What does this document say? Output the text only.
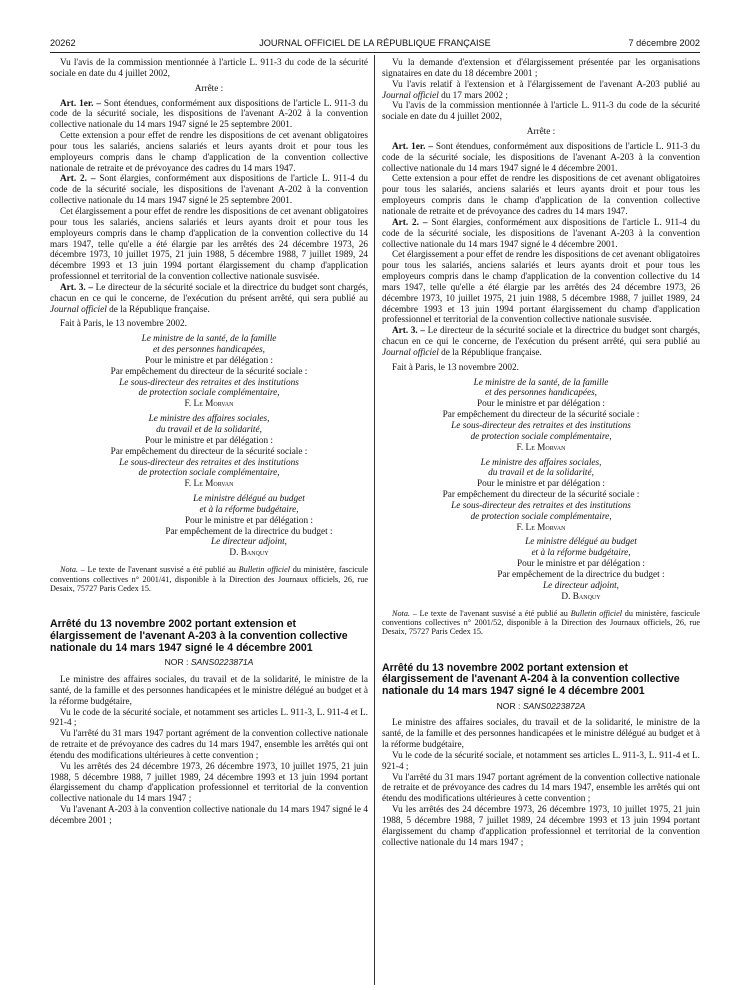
20262	JOURNAL OFFICIEL DE LA RÉPUBLIQUE FRANÇAISE	7 décembre 2002

Vu l'avis de la commission mentionnée à l'article L. 911-3 du code de la sécurité sociale en date du 4 juillet 2002,

Arrête :

Art. 1er. – Sont étendues, conformément aux dispositions de l'article L. 911-3 du code de la sécurité sociale, les dispositions de l'avenant A-202 à la convention collective nationale du 14 mars 1947 signé le 25 septembre 2001.

Cette extension a pour effet de rendre les dispositions de cet avenant obligatoires pour tous les salariés, anciens salariés et leurs ayants droit et pour tous les employeurs compris dans le champ d'application de la convention collective nationale de retraite et de prévoyance des cadres du 14 mars 1947.

Art. 2. – Sont élargies, conformément aux dispositions de l'article L. 911-4 du code de la sécurité sociale, les dispositions de l'avenant A-202 à la convention collective nationale du 14 mars 1947 signé le 25 septembre 2001.

Cet élargissement a pour effet de rendre les dispositions de cet avenant obligatoires pour tous les salariés, anciens salariés et leurs ayants droit et pour tous les employeurs compris dans le champ d'application de la convention collective du 14 mars 1947, telle qu'elle a été élargie par les arrêtés des 24 décembre 1973, 26 décembre 1973, 10 juillet 1975, 21 juin 1988, 5 décembre 1988, 7 juillet 1989, 24 décembre 1993 et 13 juin 1994 portant élargissement du champ d'application professionnel et territorial de la convention collective nationale susvisée.

Art. 3. – Le directeur de la sécurité sociale et la directrice du budget sont chargés, chacun en ce qui le concerne, de l'exécution du présent arrêté, qui sera publié au Journal officiel de la République française.

Fait à Paris, le 13 novembre 2002.

Le ministre de la santé, de la famille

et des personnes handicapées,

Pour le ministre et par délégation :

Par empêchement du directeur de la sécurité sociale :

Le sous-directeur des retraites et des institutions

de protection sociale complémentaire,

F. Le Morvan

Le ministre des affaires sociales,

du travail et de la solidarité,

Pour le ministre et par délégation :

Par empêchement du directeur de la sécurité sociale :

Le sous-directeur des retraites et des institutions

de protection sociale complémentaire,

F. Le Morvan

Le ministre délégué au budget

et à la réforme budgétaire,

Pour le ministre et par délégation :

Par empêchement de la directrice du budget :

Le directeur adjoint,

D. Banquy

Nota. – Le texte de l'avenant susvisé a été publié au Bulletin officiel du ministère, fascicule conventions collectives n° 2001/41, disponible à la Direction des Journaux officiels, 26, rue Desaix, 75727 Paris Cedex 15.

Arrêté du 13 novembre 2002 portant extension et élargissement de l'avenant A-203 à la convention collective nationale du 14 mars 1947 signé le 4 décembre 2001

NOR : SANS0223871A

Le ministre des affaires sociales, du travail et de la solidarité, le ministre de la santé, de la famille et des personnes handicapées et le ministre délégué au budget et à la réforme budgétaire,

Vu le code de la sécurité sociale, et notamment ses articles L. 911-3, L. 911-4 et L. 921-4 ;

Vu l'arrêté du 31 mars 1947 portant agrément de la convention collective nationale de retraite et de prévoyance des cadres du 14 mars 1947, ensemble les arrêtés qui ont étendu des modifications ultérieures à cette convention ;

Vu les arrêtés des 24 décembre 1973, 26 décembre 1973, 10 juillet 1975, 21 juin 1988, 5 décembre 1988, 7 juillet 1989, 24 décembre 1993 et 13 juin 1994 portant élargissement du champ d'application professionnel et territorial de la convention collective nationale du 14 mars 1947 ;

Vu l'avenant A-203 à la convention collective nationale du 14 mars 1947 signé le 4 décembre 2001 ;

Vu la demande d'extension et d'élargissement présentée par les organisations signataires en date du 18 décembre 2001 ;

Vu l'avis relatif à l'extension et à l'élargissement de l'avenant A-203 publié au Journal officiel du 17 mars 2002 ;

Vu l'avis de la commission mentionnée à l'article L. 911-3 du code de la sécurité sociale en date du 4 juillet 2002,

Arrête :

Art. 1er. – Sont étendues, conformément aux dispositions de l'article L. 911-3 du code de la sécurité sociale, les dispositions de l'avenant A-203 à la convention collective nationale du 14 mars 1947 signé le 4 décembre 2001.

Cette extension a pour effet de rendre les dispositions de cet avenant obligatoires pour tous les salariés, anciens salariés et leurs ayants droit et pour tous les employeurs compris dans le champ d'application de la convention collective nationale de retraite et de prévoyance des cadres du 14 mars 1947.

Art. 2. – Sont élargies, conformément aux dispositions de l'article L. 911-4 du code de la sécurité sociale, les dispositions de l'avenant A-203 à la convention collective nationale du 14 mars 1947 signé le 4 décembre 2001.

Cet élargissement a pour effet de rendre les dispositions de cet avenant obligatoires pour tous les salariés, anciens salariés et leurs ayants droit et pour tous les employeurs compris dans le champ d'application de la convention collective du 14 mars 1947, telle qu'elle a été élargie par les arrêtés des 24 décembre 1973, 26 décembre 1973, 10 juillet 1975, 21 juin 1988, 5 décembre 1988, 7 juillet 1989, 24 décembre 1993 et 13 juin 1994 portant élargissement du champ d'application professionnel et territorial de la convention collective nationale susvisée.

Art. 3. – Le directeur de la sécurité sociale et la directrice du budget sont chargés, chacun en ce qui le concerne, de l'exécution du présent arrêté, qui sera publié au Journal officiel de la République française.

Fait à Paris, le 13 novembre 2002.

Le ministre de la santé, de la famille

et des personnes handicapées,

Pour le ministre et par délégation :

Par empêchement du directeur de la sécurité sociale :

Le sous-directeur des retraites et des institutions

de protection sociale complémentaire,

F. Le Morvan

Le ministre des affaires sociales,

du travail et de la solidarité,

Pour le ministre et par délégation :

Par empêchement du directeur de la sécurité sociale :

Le sous-directeur des retraites et des institutions

de protection sociale complémentaire,

F. Le Morvan

Le ministre délégué au budget

et à la réforme budgétaire,

Pour le ministre et par délégation :

Par empêchement de la directrice du budget :

Le directeur adjoint,

D. Banquy

Nota. – Le texte de l'avenant susvisé a été publié au Bulletin officiel du ministère, fascicule conventions collectives n° 2001/52, disponible à la Direction des Journaux officiels, 26, rue Desaix, 75727 Paris Cedex 15.

Arrêté du 13 novembre 2002 portant extension et élargissement de l'avenant A-204 à la convention collective nationale du 14 mars 1947 signé le 4 décembre 2001

NOR : SANS0223872A

Le ministre des affaires sociales, du travail et de la solidarité, le ministre de la santé, de la famille et des personnes handicapées et le ministre délégué au budget et à la réforme budgétaire,

Vu le code de la sécurité sociale, et notamment ses articles L. 911-3, L. 911-4 et L. 921-4 ;

Vu l'arrêté du 31 mars 1947 portant agrément de la convention collective nationale de retraite et de prévoyance des cadres du 14 mars 1947, ensemble les arrêtés qui ont étendu des modifications ultérieures à cette convention ;

Vu les arrêtés des 24 décembre 1973, 26 décembre 1973, 10 juillet 1975, 21 juin 1988, 5 décembre 1988, 7 juillet 1989, 24 décembre 1993 et 13 juin 1994 portant élargissement du champ d'application professionnel et territorial de la convention collective nationale du 14 mars 1947 ;
